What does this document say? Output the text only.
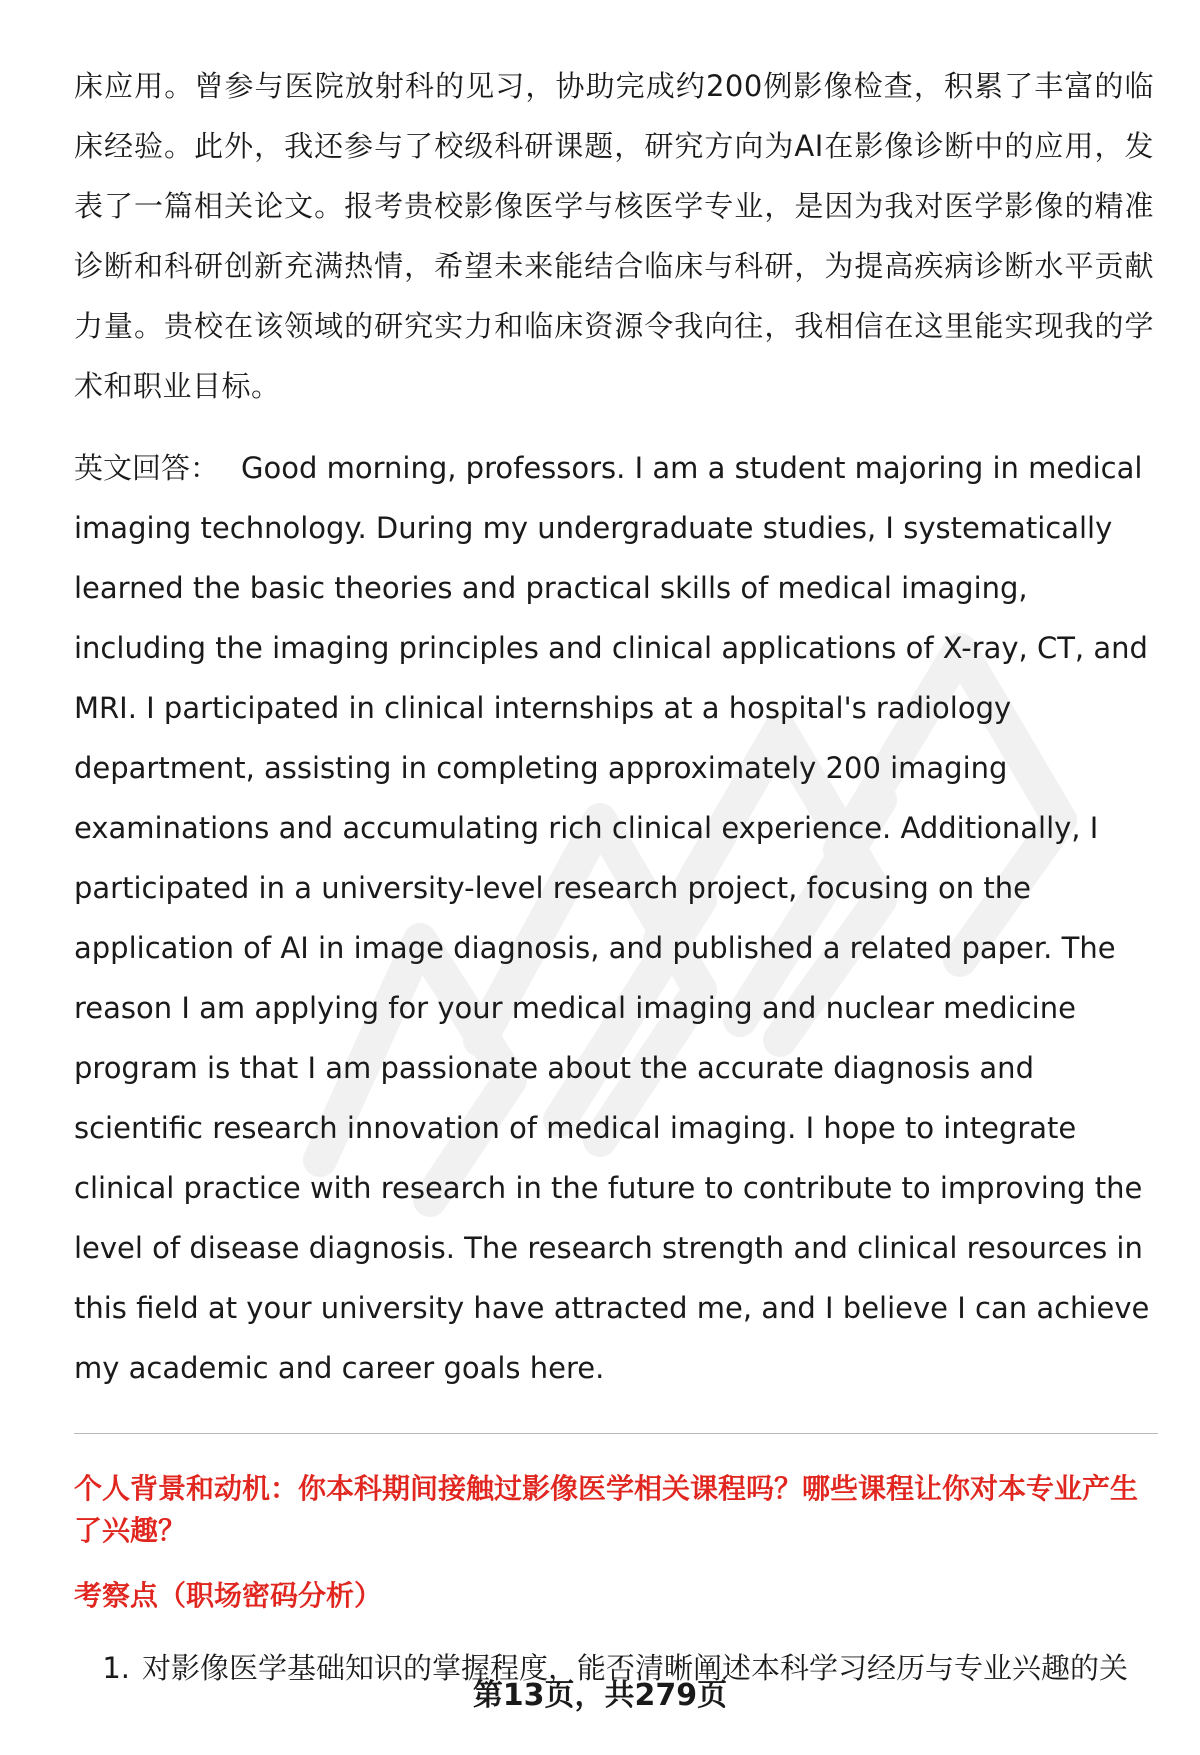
床应用。曾参与医院放射科的见习，协助完成约200例影像检查，积累了丰富的临床经验。此外，我还参与了校级科研课题，研究方向为AI在影像诊断中的应用，发表了一篇相关论文。报考贵校影像医学与核医学专业，是因为我对医学影像的精准诊断和科研创新充满热情，希望未来能结合临床与科研，为提高疾病诊断水平贡献力量。贵校在该领域的研究实力和临床资源令我向往，我相信在这里能实现我的学术和职业目标。

英文回答： Good morning, professors. I am a student majoring in medical imaging technology. During my undergraduate studies, I systematically learned the basic theories and practical skills of medical imaging, including the imaging principles and clinical applications of X-ray, CT, and MRI. I participated in clinical internships at a hospital's radiology department, assisting in completing approximately 200 imaging examinations and accumulating rich clinical experience. Additionally, I participated in a university-level research project, focusing on the application of AI in image diagnosis, and published a related paper. The reason I am applying for your medical imaging and nuclear medicine program is that I am passionate about the accurate diagnosis and scientific research innovation of medical imaging. I hope to integrate clinical practice with research in the future to contribute to improving the level of disease diagnosis. The research strength and clinical resources in this field at your university have attracted me, and I believe I can achieve my academic and career goals here.

个人背景和动机：你本科期间接触过影像医学相关课程吗？哪些课程让你对本专业产生了兴趣？

考察点（职场密码分析）

1. 对影像医学基础知识的掌握程度，能否清晰阐述本科学习经历与专业兴趣的关
第13页，共279页
